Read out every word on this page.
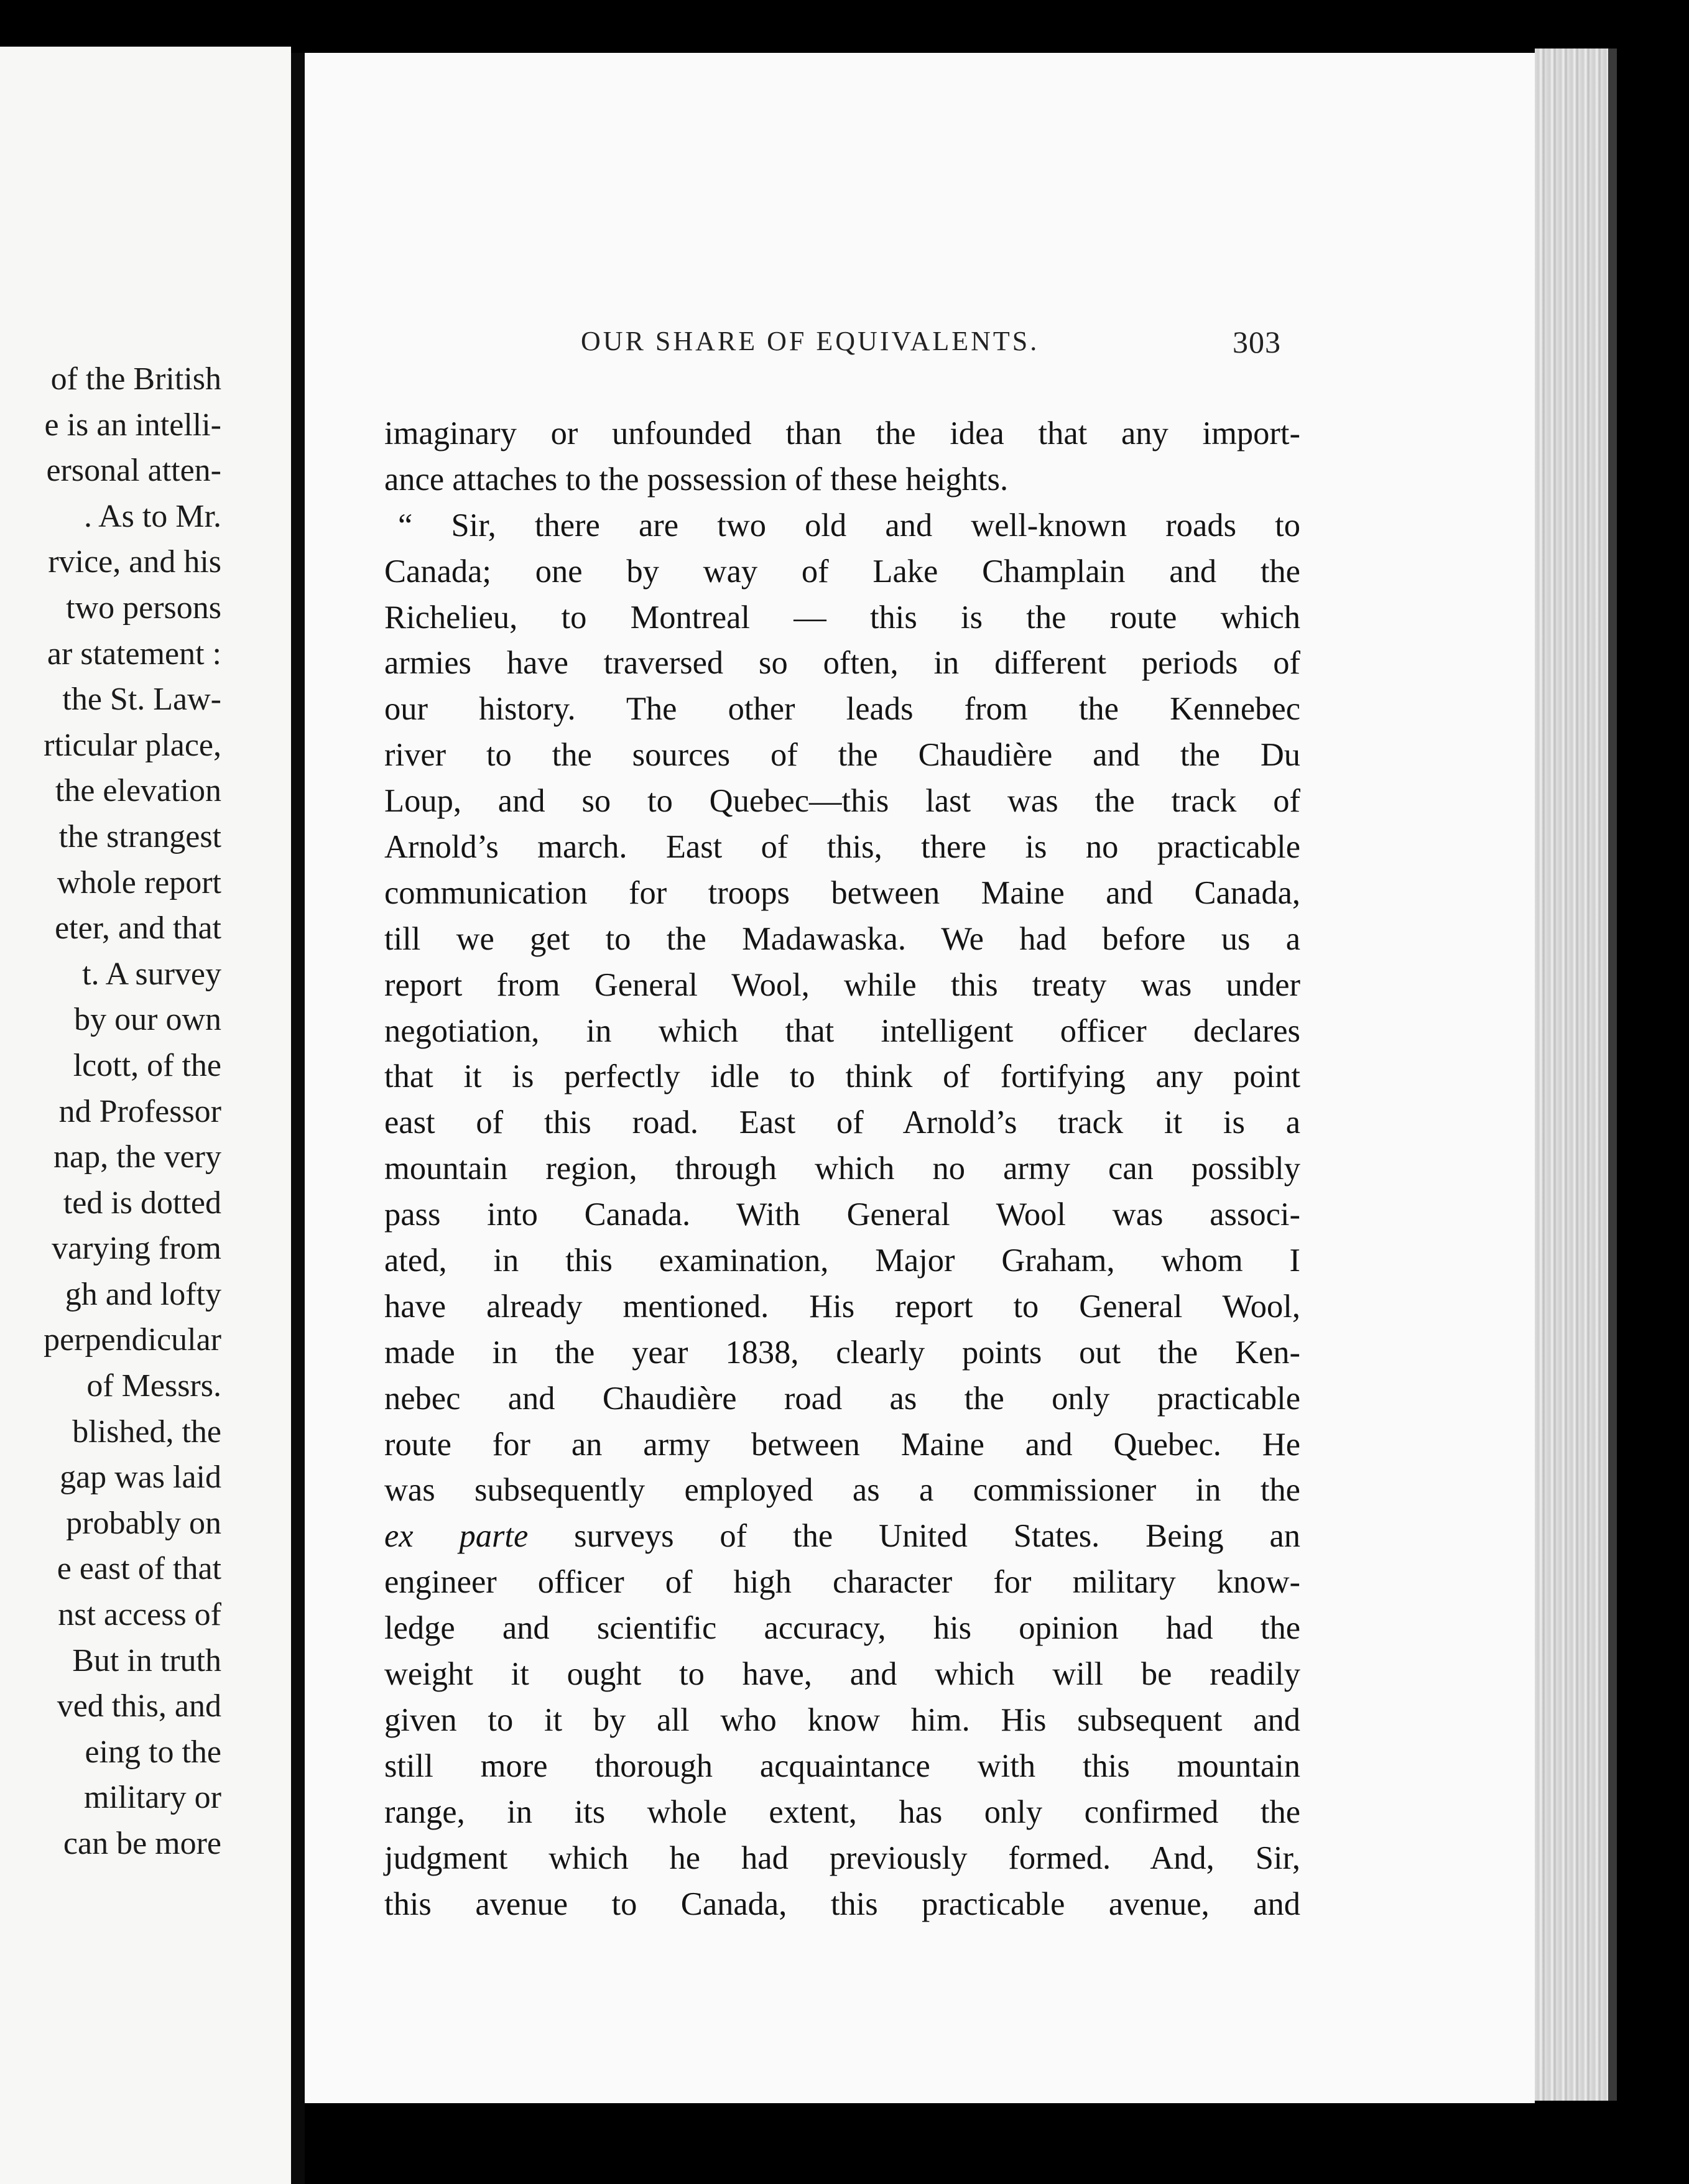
of the British
e is an intelli-
ersonal atten-
. As to Mr.
rvice, and his
two persons
ar statement :
the St. Law-
rticular place,
the elevation
the strangest
whole report
eter, and that
t. A survey
by our own
lcott, of the
nd Professor
nap, the very
ted is dotted
varying from
gh and lofty
perpendicular
of Messrs.
blished, the
gap was laid
probably on
e east of that
nst access of
But in truth
ved this, and
eing to the
military or
can be more
OUR SHARE OF EQUIVALENTS.	303
imaginary or unfounded than the idea that any import-
ance attaches to the possession of these heights.
“ Sir, there are two old and well-known roads to
Canada; one by way of Lake Champlain and the
Richelieu, to Montreal — this is the route which
armies have traversed so often, in different periods of
our history. The other leads from the Kennebec
river to the sources of the Chaudière and the Du
Loup, and so to Quebec—this last was the track of
Arnold’s march. East of this, there is no practicable
communication for troops between Maine and Canada,
till we get to the Madawaska. We had before us a
report from General Wool, while this treaty was under
negotiation, in which that intelligent officer declares
that it is perfectly idle to think of fortifying any point
east of this road. East of Arnold’s track it is a
mountain region, through which no army can possibly
pass into Canada. With General Wool was associ-
ated, in this examination, Major Graham, whom I
have already mentioned. His report to General Wool,
made in the year 1838, clearly points out the Ken-
nebec and Chaudière road as the only practicable
route for an army between Maine and Quebec. He
was subsequently employed as a commissioner in the
ex parte surveys of the United States. Being an
engineer officer of high character for military know-
ledge and scientific accuracy, his opinion had the
weight it ought to have, and which will be readily
given to it by all who know him. His subsequent and
still more thorough acquaintance with this mountain
range, in its whole extent, has only confirmed the
judgment which he had previously formed. And, Sir,
this avenue to Canada, this practicable avenue, and
